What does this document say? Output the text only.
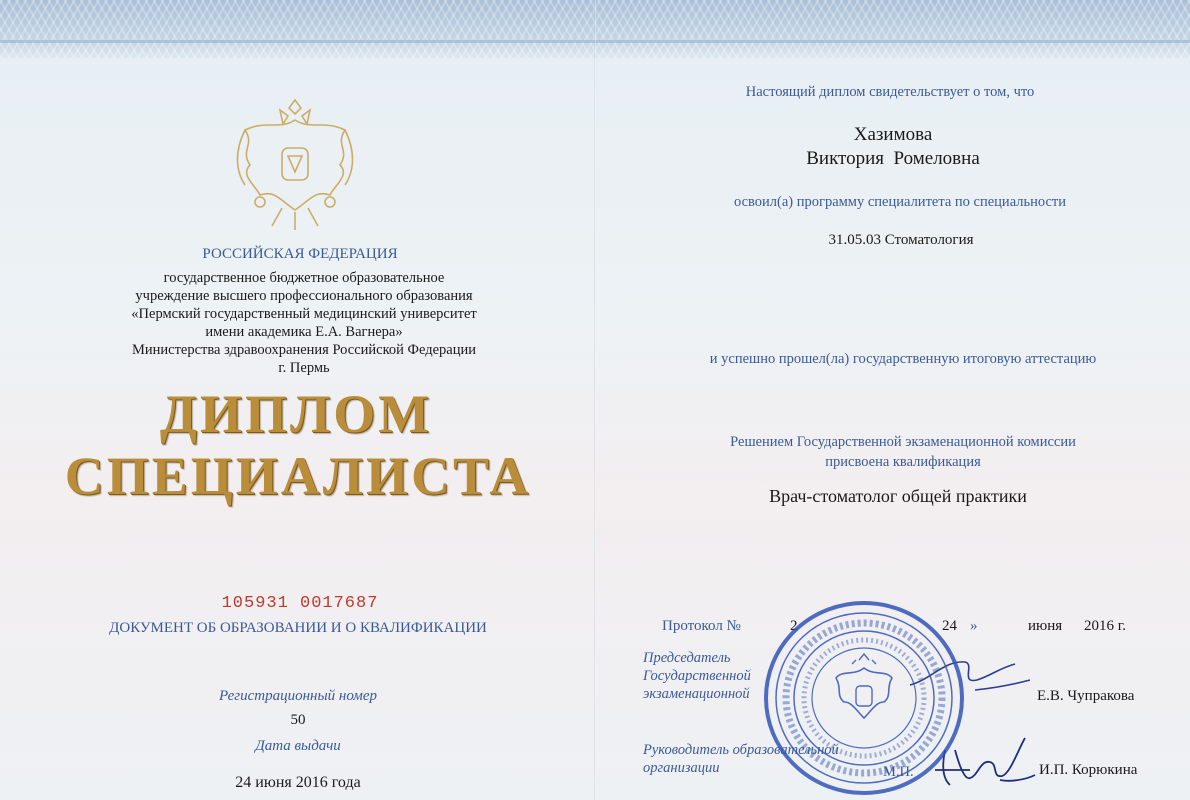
РОССИЙСКАЯ ФЕДЕРАЦИЯ

государственное бюджетное образовательное

учреждение высшего профессионального образования

«Пермский государственный медицинский университет

имени академика Е.А. Вагнера»

Министерства здравоохранения Российской Федерации

г. Пермь

ДИПЛОМ

СПЕЦИАЛИСТА

105931 0017687

ДОКУМЕНТ ОБ ОБРАЗОВАНИИ И О КВАЛИФИКАЦИИ

Регистрационный номер

50

Дата выдачи

24 июня 2016 года

Настоящий диплом свидетельствует о том, что

Хазимова

Виктория  Ромеловна

освоил(а) программу специалитета по специальности

31.05.03 Стоматология

и успешно прошел(ла) государственную итоговую аттестацию

Решением Государственной экзаменационной комиссии

присвоена квалификация

Врач-стоматолог общей практики

Протокол №	2	24 »	июня 2016 г.

Председатель

Государственной

экзаменационной	Е.В. Чупракова

Руководитель образовательной

организации	М.П.	И.П. Корюкина
